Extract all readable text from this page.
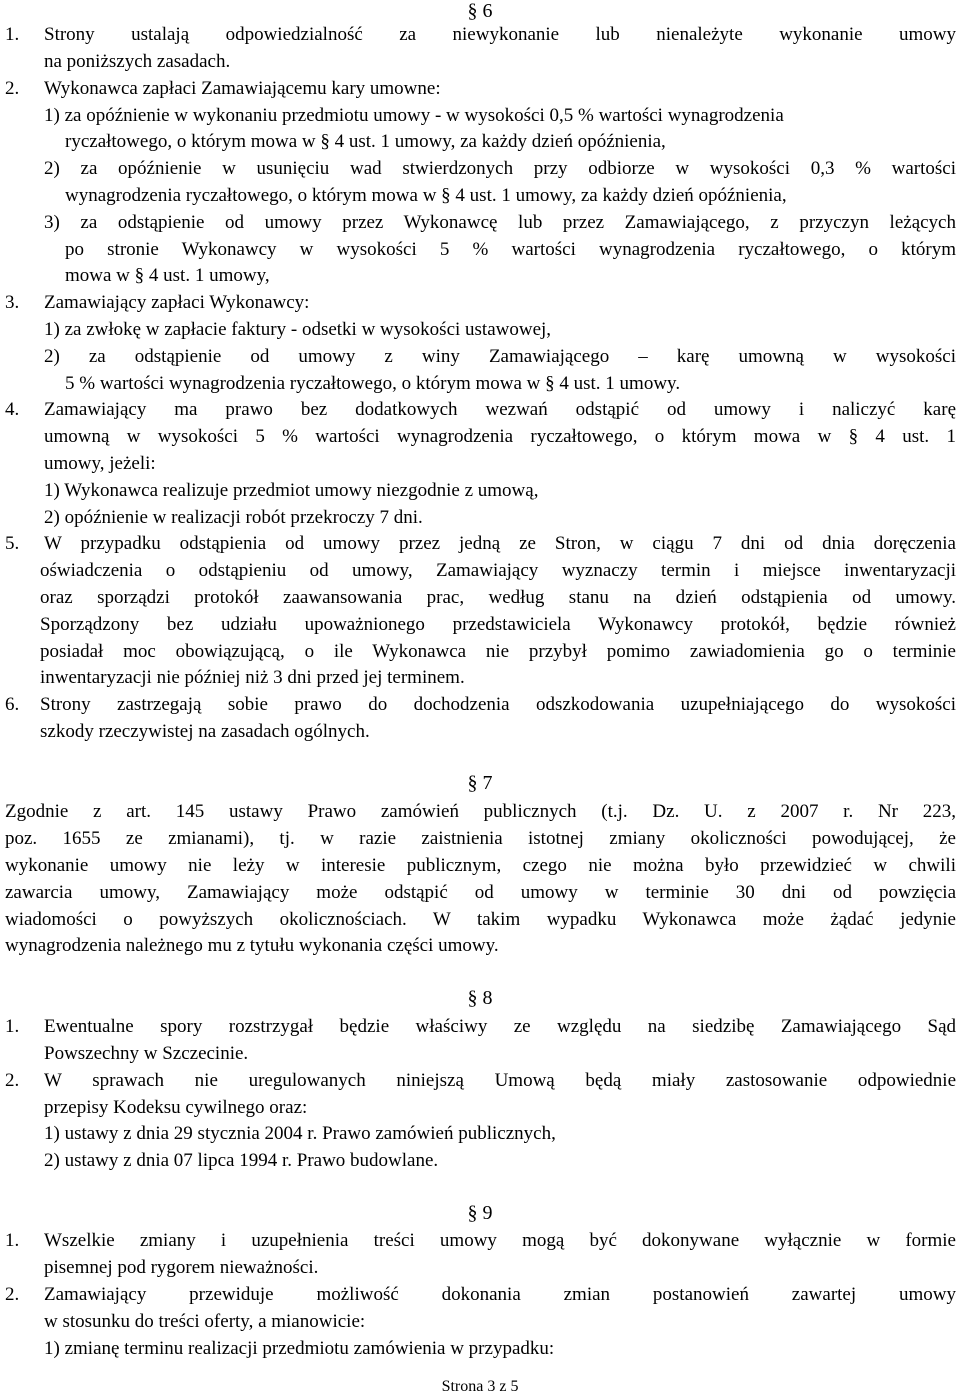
§ 6
1. Strony ustalają odpowiedzialność za niewykonanie lub nienależyte wykonanie umowy
na poniższych zasadach.
2. Wykonawca zapłaci Zamawiającemu kary umowne:
1) za opóźnienie w wykonaniu przedmiotu umowy - w wysokości 0,5 % wartości wynagrodzenia
ryczałtowego, o którym mowa w § 4 ust. 1 umowy, za każdy dzień opóźnienia,
2) za opóźnienie w usunięciu wad stwierdzonych przy odbiorze w wysokości 0,3 % wartości
wynagrodzenia ryczałtowego, o którym mowa w § 4 ust. 1 umowy, za każdy dzień opóźnienia,
3) za odstąpienie od umowy przez Wykonawcę lub przez Zamawiającego, z przyczyn leżących
po stronie Wykonawcy w wysokości 5 % wartości wynagrodzenia ryczałtowego, o którym
mowa w § 4 ust. 1 umowy,
3. Zamawiający zapłaci Wykonawcy:
1) za zwłokę w zapłacie faktury - odsetki w wysokości ustawowej,
2) za odstąpienie od umowy z winy Zamawiającego – karę umowną w wysokości
5 % wartości wynagrodzenia ryczałtowego, o którym mowa w § 4 ust. 1 umowy.
4. Zamawiający ma prawo bez dodatkowych wezwań odstąpić od umowy i naliczyć karę
umowną w wysokości 5 % wartości wynagrodzenia ryczałtowego, o którym mowa w § 4 ust. 1
umowy, jeżeli:
1) Wykonawca realizuje przedmiot umowy niezgodnie z umową,
2) opóźnienie w realizacji robót przekroczy 7 dni.
5. W przypadku odstąpienia od umowy przez jedną ze Stron, w ciągu 7 dni od dnia doręczenia
oświadczenia o odstąpieniu od umowy, Zamawiający wyznaczy termin i miejsce inwentaryzacji
oraz sporządzi protokół zaawansowania prac, według stanu na dzień odstąpienia od umowy.
Sporządzony bez udziału upoważnionego przedstawiciela Wykonawcy protokół, będzie również
posiadał moc obowiązującą, o ile Wykonawca nie przybył pomimo zawiadomienia go o terminie
inwentaryzacji nie później niż 3 dni przed jej terminem.
6. Strony zastrzegają sobie prawo do dochodzenia odszkodowania uzupełniającego do wysokości
szkody rzeczywistej na zasadach ogólnych.
§ 7
Zgodnie z art. 145 ustawy Prawo zamówień publicznych (t.j. Dz. U. z 2007 r. Nr 223,
poz. 1655 ze zmianami), tj. w razie zaistnienia istotnej zmiany okoliczności powodującej, że
wykonanie umowy nie leży w interesie publicznym, czego nie można było przewidzieć w chwili
zawarcia umowy, Zamawiający może odstąpić od umowy w terminie 30 dni od powzięcia
wiadomości o powyższych okolicznościach. W takim wypadku Wykonawca może żądać jedynie
wynagrodzenia należnego mu z tytułu wykonania części umowy.
§ 8
1. Ewentualne spory rozstrzygał będzie właściwy ze względu na siedzibę Zamawiającego Sąd
Powszechny w Szczecinie.
2. W sprawach nie uregulowanych niniejszą Umową będą miały zastosowanie odpowiednie
przepisy Kodeksu cywilnego oraz:
1) ustawy z dnia 29 stycznia 2004 r. Prawo zamówień publicznych,
2) ustawy z dnia 07 lipca 1994 r. Prawo budowlane.
§ 9
1. Wszelkie zmiany i uzupełnienia treści umowy mogą być dokonywane wyłącznie w formie
pisemnej pod rygorem nieważności.
2. Zamawiający przewiduje możliwość dokonania zmian postanowień zawartej umowy
w stosunku do treści oferty, a mianowicie:
1) zmianę terminu realizacji przedmiotu zamówienia w przypadku:
Strona 3 z 5
